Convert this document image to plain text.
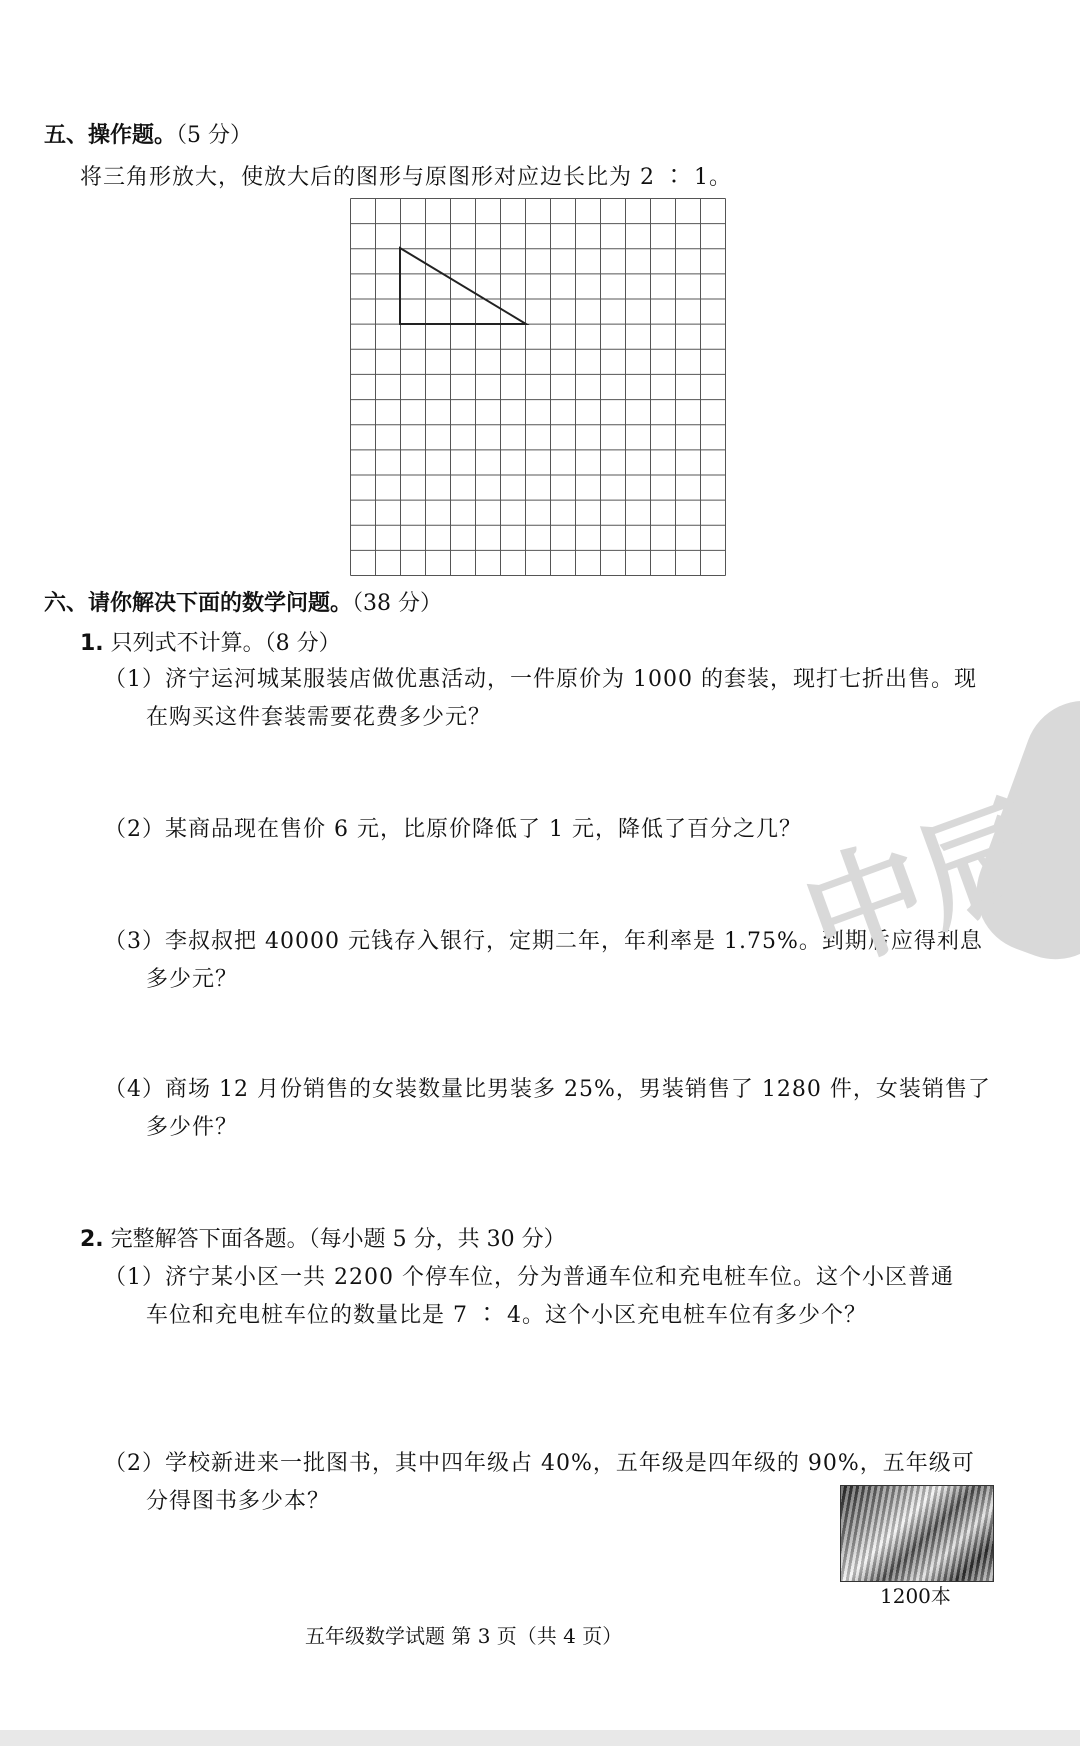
五、操作题。（5 分）
将三角形放大，使放大后的图形与原图形对应边长比为 2 ∶ 1。
六、请你解决下面的数学问题。（38 分）
1. 只列式不计算。（8 分）
（1）济宁运河城某服装店做优惠活动，一件原价为 1000 的套装，现打七折出售。现
在购买这件套装需要花费多少元？
（2）某商品现在售价 6 元，比原价降低了 1 元，降低了百分之几？
（3）李叔叔把 40000 元钱存入银行，定期二年，年利率是 1.75%。到期后应得利息
多少元？
（4）商场 12 月份销售的女装数量比男装多 25%，男装销售了 1280 件，女装销售了
多少件？
2. 完整解答下面各题。（每小题 5 分，共 30 分）
（1）济宁某小区一共 2200 个停车位，分为普通车位和充电桩车位。这个小区普通
车位和充电桩车位的数量比是 7 ∶ 4。这个小区充电桩车位有多少个？
（2）学校新进来一批图书，其中四年级占 40%，五年级是四年级的 90%，五年级可
分得图书多少本？
1200本
中辰
五年级数学试题 第 3 页（共 4 页）
